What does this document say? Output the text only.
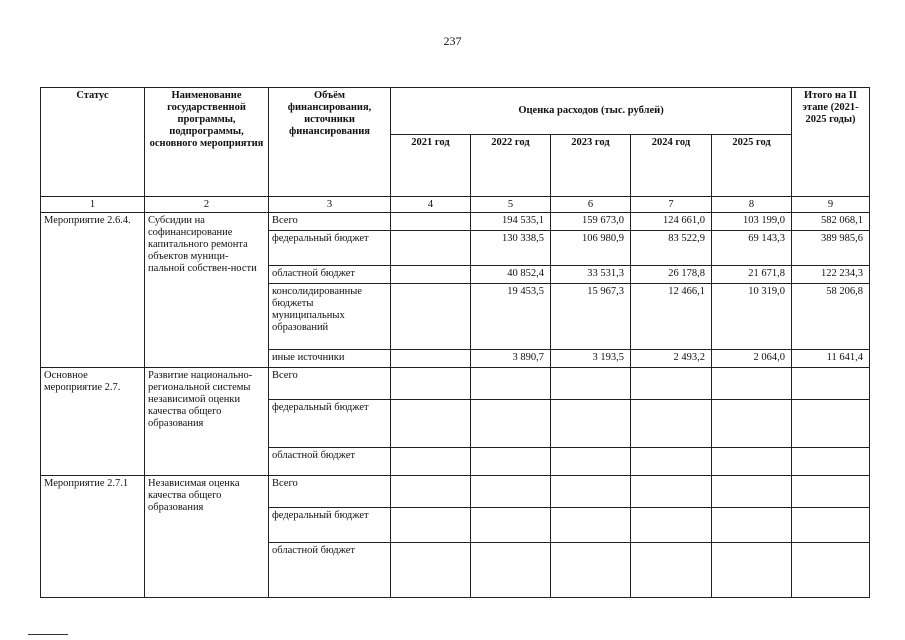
237
Статус	Наименование государственной программы, подпрограммы, основного мероприятия	Объём финансирования, источники финансирования	Оценка расходов (тыс. рублей)					Итого на II этапе (2021-2025 годы)
			2021 год	2022 год	2023 год	2024 год	2025 год	
1	2	3	4	5	6	7	8	9
Мероприятие 2.6.4.	Субсидии на софинансирование капитального ремонта объектов муници-пальной собствен-ности	Всего		194 535,1	159 673,0	124 661,0	103 199,0	582 068,1
		федеральный бюджет		130 338,5	106 980,9	83 522,9	69 143,3	389 985,6
		областной бюджет		40 852,4	33 531,3	26 178,8	21 671,8	122 234,3
		консолидированные бюджеты муниципальных образований		19 453,5	15 967,3	12 466,1	10 319,0	58 206,8
		иные источники		3 890,7	3 193,5	2 493,2	2 064,0	11 641,4
Основное мероприятие 2.7.	Развитие национально-региональной системы независимой оценки качества общего образования	Всего						
		федеральный бюджет						
		областной бюджет						
Мероприятие 2.7.1	Независимая оценка качества общего образования	Всего						
		федеральный бюджет						
		областной бюджет						
